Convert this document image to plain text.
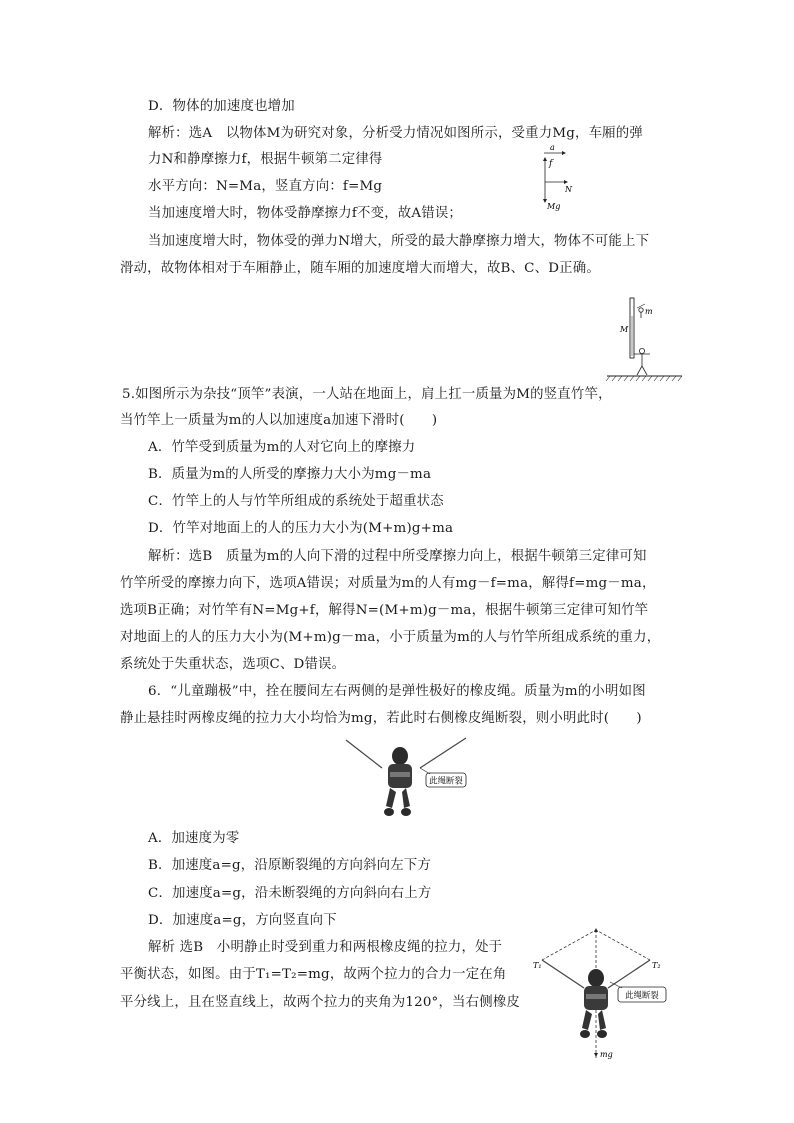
D．物体的加速度也增加
解析：选A　以物体M为研究对象，分析受力情况如图所示，受重力Mg，车厢的弹
力N和静摩擦力f，根据牛顿第二定律得
水平方向：N=Ma，竖直方向：f=Mg
当加速度增大时，物体受静摩擦力f不变，故A错误；
当加速度增大时，物体受的弹力N增大，所受的最大静摩擦力增大，物体不可能上下
滑动，故物体相对于车厢静止，随车厢的加速度增大而增大，故B、C、D正确。
5.如图所示为杂技“顶竿”表演，一人站在地面上，肩上扛一质量为M的竖直竹竿，
当竹竿上一质量为m的人以加速度a加速下滑时(　　)
A．竹竿受到质量为m的人对它向上的摩擦力
B．质量为m的人所受的摩擦力大小为mg－ma
C．竹竿上的人与竹竿所组成的系统处于超重状态
D．竹竿对地面上的人的压力大小为(M+m)g+ma
解析：选B　质量为m的人向下滑的过程中所受摩擦力向上，根据牛顿第三定律可知
竹竿所受的摩擦力向下，选项A错误；对质量为m的人有mg－f=ma，解得f=mg－ma，
选项B正确；对竹竿有N=Mg+f，解得N=(M+m)g－ma，根据牛顿第三定律可知竹竿
对地面上的人的压力大小为(M+m)g－ma，小于质量为m的人与竹竿所组成系统的重力，
系统处于失重状态，选项C、D错误。
6．“儿童蹦极”中，拴在腰间左右两侧的是弹性极好的橡皮绳。质量为m的小明如图
静止悬挂时两橡皮绳的拉力大小均恰为mg，若此时右侧橡皮绳断裂，则小明此时(　　)
A．加速度为零
B．加速度a=g，沿原断裂绳的方向斜向左下方
C．加速度a=g，沿未断裂绳的方向斜向右上方
D．加速度a=g，方向竖直向下
解析 选B　小明静止时受到重力和两根橡皮绳的拉力，处于
平衡状态，如图。由于T₁=T₂=mg，故两个拉力的合力一定在角
平分线上，且在竖直线上，故两个拉力的夹角为120°，当右侧橡皮
a
f
N
Mg
m
M
此绳断裂
T₁	T₂
mg
此绳断裂
